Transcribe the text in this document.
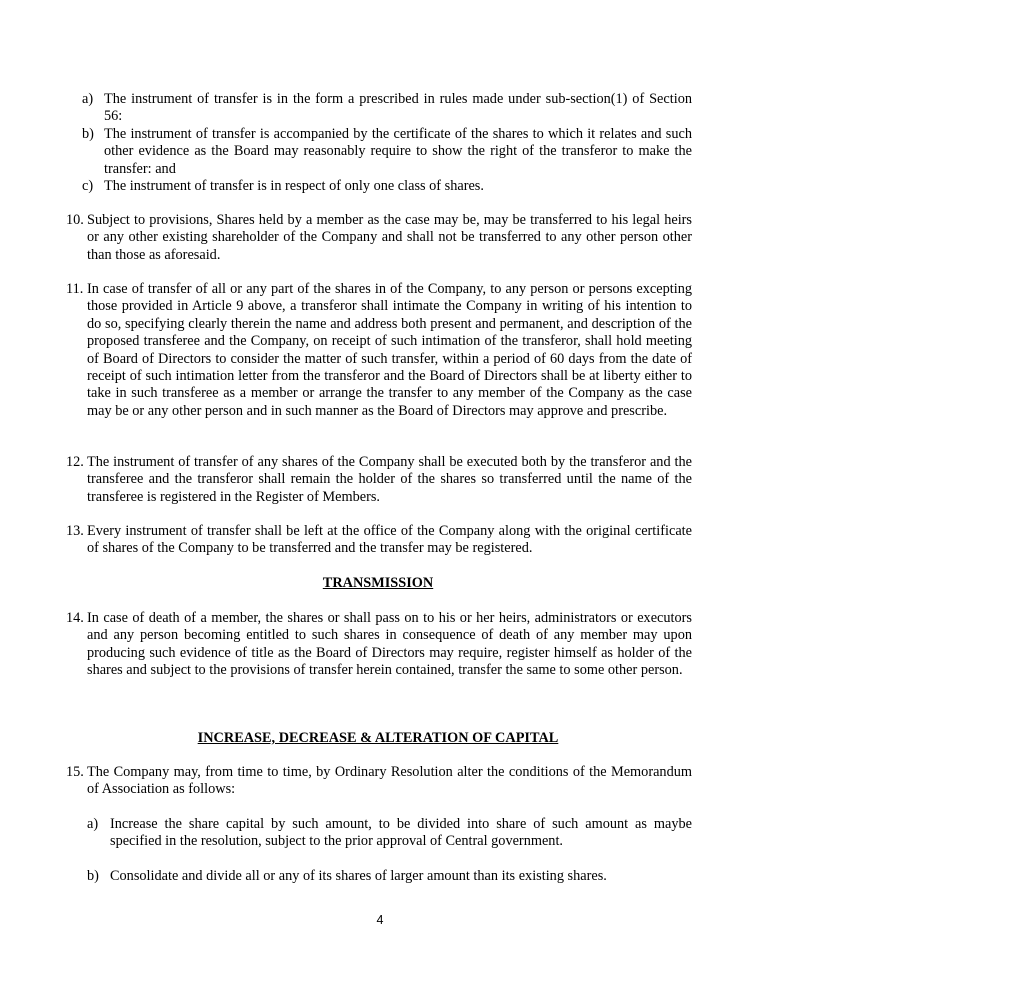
a) The instrument of transfer is in the form a prescribed in rules made under sub-section(1) of Section 56:
b) The instrument of transfer is accompanied by the certificate of the shares to which it relates and such other evidence as the Board may reasonably require to show the right of the transferor to make the transfer: and
c) The instrument of transfer is in respect of only one class of shares.
10. Subject to provisions, Shares held by a member as the case may be, may be transferred to his legal heirs or any other existing shareholder of the Company and shall not be transferred to any other person other than those as aforesaid.
11. In case of transfer of all or any part of the shares in of the Company, to any person or persons excepting those provided in Article 9 above, a transferor shall intimate the Company in writing of his intention to do so, specifying clearly therein the name and address both present and permanent, and description of the proposed transferee and the Company, on receipt of such intimation of the transferor, shall hold meeting of Board of Directors to consider the matter of such transfer, within a period of 60 days from the date of receipt of such intimation letter from the transferor and the Board of Directors shall be at liberty either to take in such transferee as a member or arrange the transfer to any member of the Company as the case may be or any other person and in such manner as the Board of Directors may approve and prescribe.
12. The instrument of transfer of any shares of the Company shall be executed both by the transferor and the transferee and the transferor shall remain the holder of the shares so transferred until the name of the transferee is registered in the Register of Members.
13. Every instrument of transfer shall be left at the office of the Company along with the original certificate of shares of the Company to be transferred and the transfer may be registered.
TRANSMISSION
14. In case of death of a member, the shares or shall pass on to his or her heirs, administrators or executors and any person becoming entitled to such shares in consequence of death of any member may upon producing such evidence of title as the Board of Directors may require, register himself as holder of the shares and subject to the provisions of transfer herein contained, transfer the same to some other person.
INCREASE, DECREASE & ALTERATION OF CAPITAL
15. The Company may, from time to time, by Ordinary Resolution alter the conditions of the Memorandum of Association as follows:
a) Increase the share capital by such amount, to be divided into share of such amount as maybe specified in the resolution, subject to the prior approval of Central government.
b) Consolidate and divide all or any of its shares of larger amount than its existing shares.
4
